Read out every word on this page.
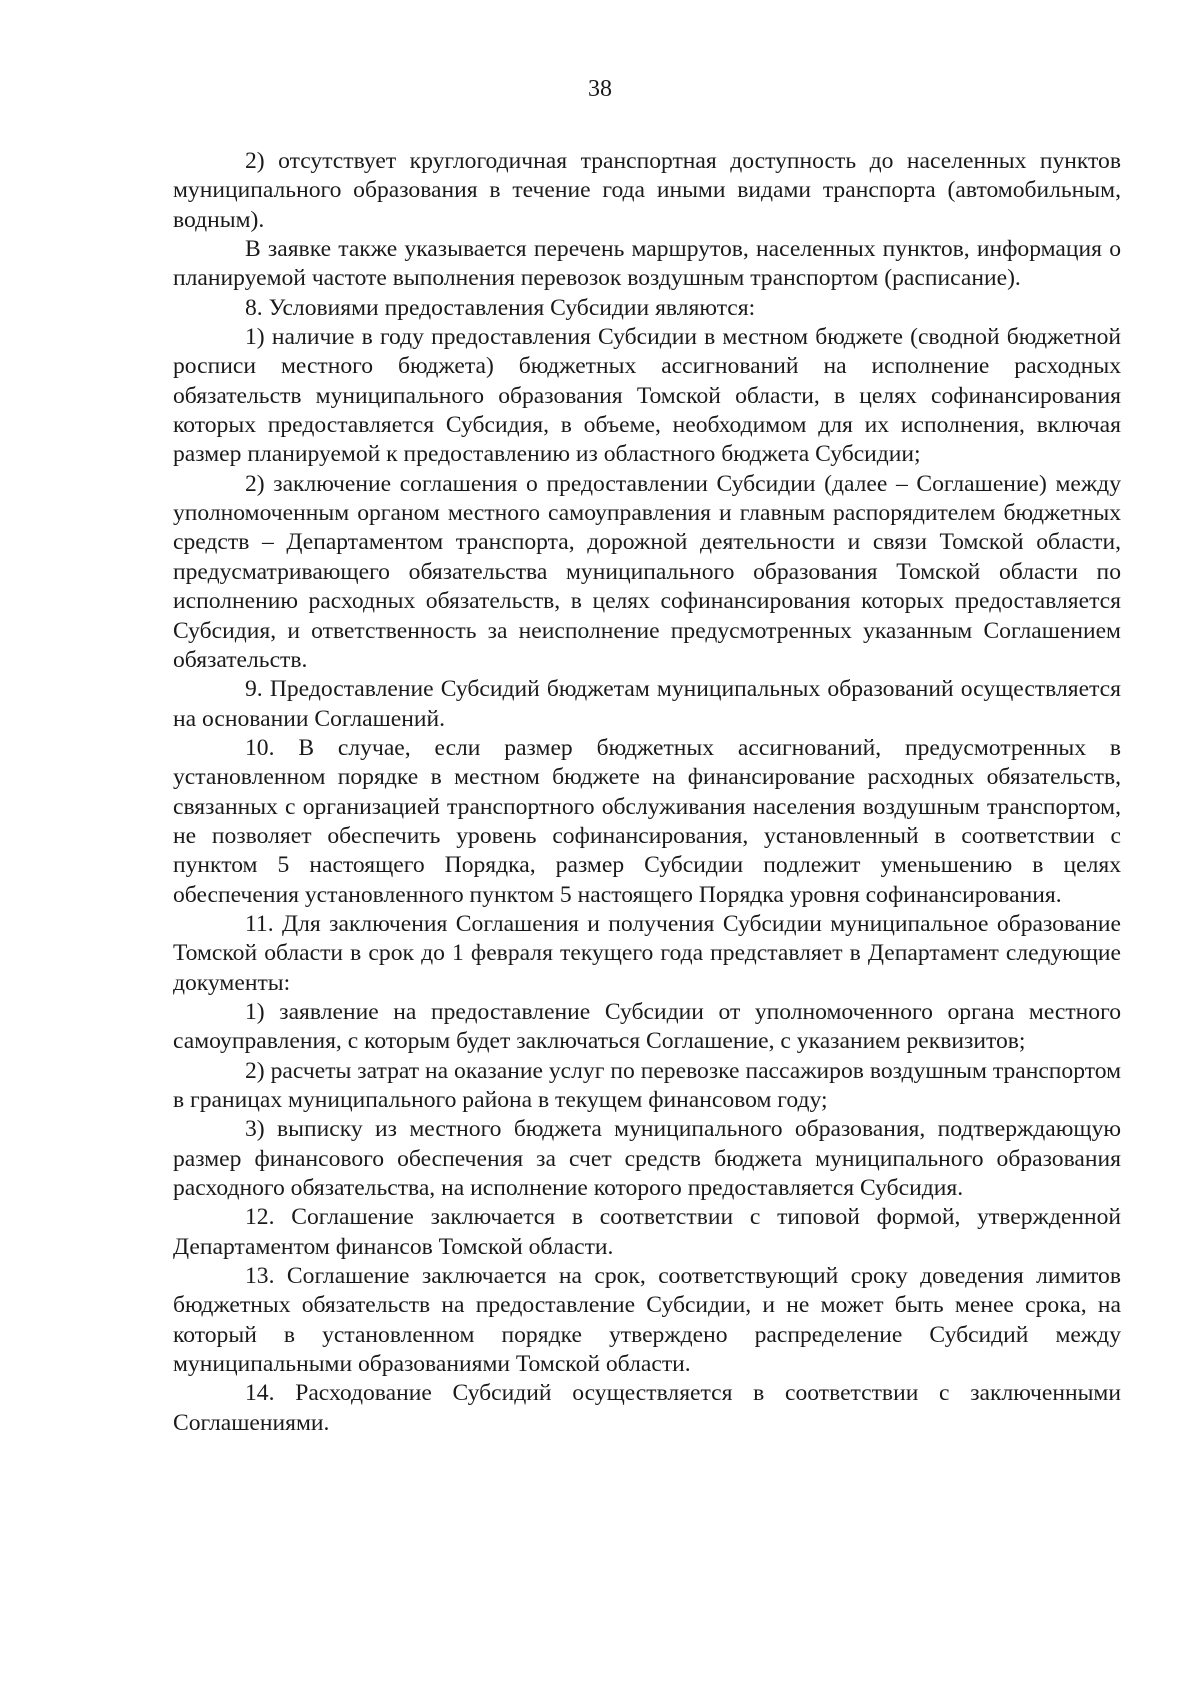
38

2) отсутствует круглогодичная транспортная доступность до населенных пунктов муниципального образования в течение года иными видами транспорта (автомобильным, водным).

В заявке также указывается перечень маршрутов, населенных пунктов, информация о планируемой частоте выполнения перевозок воздушным транспортом (расписание).

8. Условиями предоставления Субсидии являются:

1) наличие в году предоставления Субсидии в местном бюджете (сводной бюджетной росписи местного бюджета) бюджетных ассигнований на исполнение расходных обязательств муниципального образования Томской области, в целях софинансирования которых предоставляется Субсидия, в объеме, необходимом для их исполнения, включая размер планируемой к предоставлению из областного бюджета Субсидии;

2) заключение соглашения о предоставлении Субсидии (далее – Соглашение) между уполномоченным органом местного самоуправления и главным распорядителем бюджетных средств – Департаментом транспорта, дорожной деятельности и связи Томской области, предусматривающего обязательства муниципального образования Томской области по исполнению расходных обязательств, в целях софинансирования которых предоставляется Субсидия, и ответственность за неисполнение предусмотренных указанным Соглашением обязательств.

9. Предоставление Субсидий бюджетам муниципальных образований осуществляется на основании Соглашений.

10. В случае, если размер бюджетных ассигнований, предусмотренных в установленном порядке в местном бюджете на финансирование расходных обязательств, связанных с организацией транспортного обслуживания населения воздушным транспортом, не позволяет обеспечить уровень софинансирования, установленный в соответствии с пунктом 5 настоящего Порядка, размер Субсидии подлежит уменьшению в целях обеспечения установленного пунктом 5 настоящего Порядка уровня софинансирования.

11. Для заключения Соглашения и получения Субсидии муниципальное образование Томской области в срок до 1 февраля текущего года представляет в Департамент следующие документы:

1) заявление на предоставление Субсидии от уполномоченного органа местного самоуправления, с которым будет заключаться Соглашение, с указанием реквизитов;

2) расчеты затрат на оказание услуг по перевозке пассажиров воздушным транспортом в границах муниципального района в текущем финансовом году;

3) выписку из местного бюджета муниципального образования, подтверждающую размер финансового обеспечения за счет средств бюджета муниципального образования расходного обязательства, на исполнение которого предоставляется Субсидия.

12. Соглашение заключается в соответствии с типовой формой, утвержденной Департаментом финансов Томской области.

13. Соглашение заключается на срок, соответствующий сроку доведения лимитов бюджетных обязательств на предоставление Субсидии, и не может быть менее срока, на который в установленном порядке утверждено распределение Субсидий между муниципальными образованиями Томской области.

14. Расходование Субсидий осуществляется в соответствии с заключенными Соглашениями.
